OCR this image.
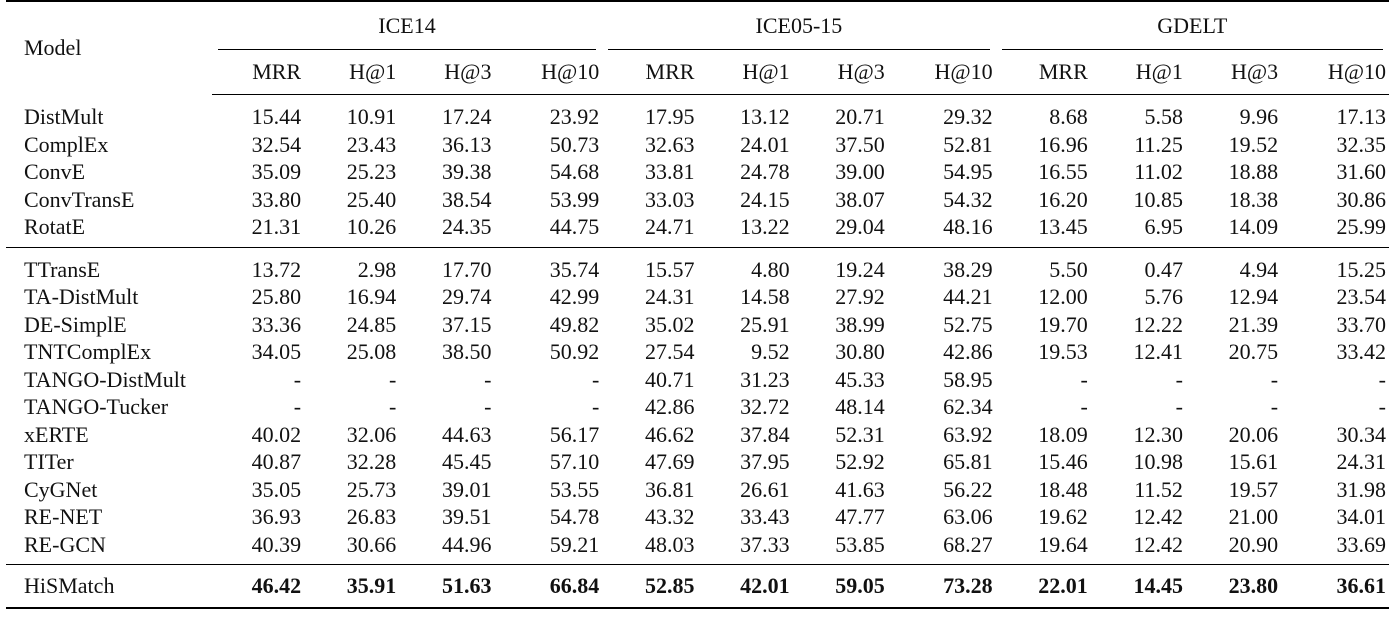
Model	ICE14				ICE05-15				GDELT			

	MRR	H@1	H@3	H@10	MRR	H@1	H@3	H@10	MRR	H@1	H@3	H@10
DistMult	15.44	10.91	17.24	23.92	17.95	13.12	20.71	29.32	8.68	5.58	9.96	17.13
ComplEx	32.54	23.43	36.13	50.73	32.63	24.01	37.50	52.81	16.96	11.25	19.52	32.35
ConvE	35.09	25.23	39.38	54.68	33.81	24.78	39.00	54.95	16.55	11.02	18.88	31.60
ConvTransE	33.80	25.40	38.54	53.99	33.03	24.15	38.07	54.32	16.20	10.85	18.38	30.86
RotatE	21.31	10.26	24.35	44.75	24.71	13.22	29.04	48.16	13.45	6.95	14.09	25.99
TTransE	13.72	2.98	17.70	35.74	15.57	4.80	19.24	38.29	5.50	0.47	4.94	15.25
TA-DistMult	25.80	16.94	29.74	42.99	24.31	14.58	27.92	44.21	12.00	5.76	12.94	23.54
DE-SimplE	33.36	24.85	37.15	49.82	35.02	25.91	38.99	52.75	19.70	12.22	21.39	33.70
TNTComplEx	34.05	25.08	38.50	50.92	27.54	9.52	30.80	42.86	19.53	12.41	20.75	33.42
TANGO-DistMult	-	-	-	-	40.71	31.23	45.33	58.95	-	-	-	-
TANGO-Tucker	-	-	-	-	42.86	32.72	48.14	62.34	-	-	-	-
xERTE	40.02	32.06	44.63	56.17	46.62	37.84	52.31	63.92	18.09	12.30	20.06	30.34
TITer	40.87	32.28	45.45	57.10	47.69	37.95	52.92	65.81	15.46	10.98	15.61	24.31
CyGNet	35.05	25.73	39.01	53.55	36.81	26.61	41.63	56.22	18.48	11.52	19.57	31.98
RE-NET	36.93	26.83	39.51	54.78	43.32	33.43	47.77	63.06	19.62	12.42	21.00	34.01
RE-GCN	40.39	30.66	44.96	59.21	48.03	37.33	53.85	68.27	19.64	12.42	20.90	33.69
HiSMatch	46.42	35.91	51.63	66.84	52.85	42.01	59.05	73.28	22.01	14.45	23.80	36.61
